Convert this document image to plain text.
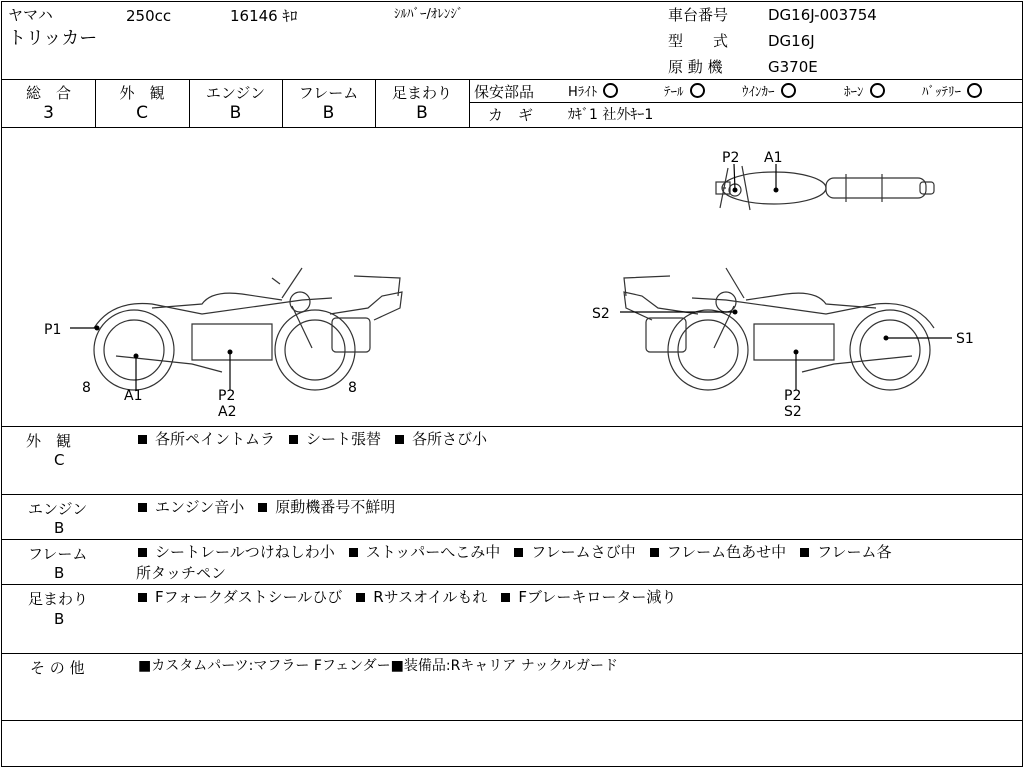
ヤマハ
トリッカー
250cc	16146 ｷﾛ	ｼﾙﾊﾞｰ/ｵﾚﾝｼﾞ	車台番号	DG16J-003754
型　　式	DG16J
原 動 機	G370E
総　合
3
外　観
C
エンジン
B
フレーム
B
足まわり
B
保安部品	Hﾗｲﾄ	ﾃｰﾙ	ｳｲﾝｶｰ	ﾎｰﾝ	ﾊﾞｯﾃﾘｰ
カ　ギ ｶｷﾞ1 社外ｷｰ1
P2 A1
P1
8 A1	P2
A2
8
S2
S1
P2
S2
外　観
C
各所ペイントムラ シート張替 各所さび小
エンジン
B
エンジン音小 原動機番号不鮮明
フレーム
B
シートレールつけねしわ小 ストッパーへこみ中 フレームさび中 フレーム色あせ中 フレーム各
所タッチペン
足まわり
B
Fフォークダストシールひび Rサスオイルもれ Fブレーキローター減り
そ の 他	■カスタムパーツ:マフラー Fフェンダー■装備品:Rキャリア ナックルガード
